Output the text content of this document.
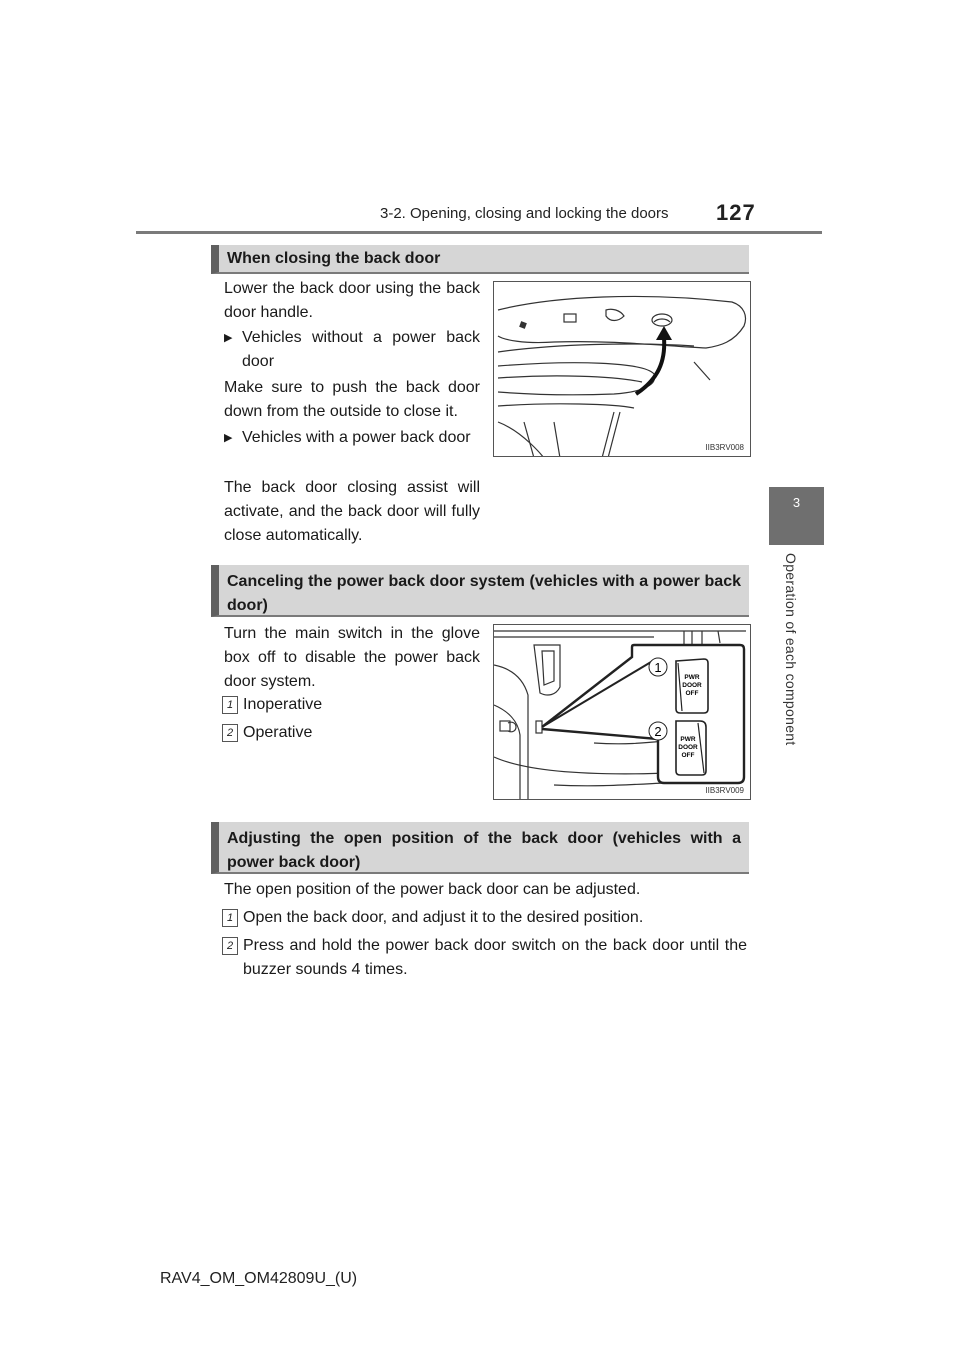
3-2. Opening, closing and locking the doors 127
3
Operation of each component
When closing the back door
Lower the back door using the back door handle.
▶ Vehicles without a power back door
Make sure to push the back door down from the outside to close it.
▶ Vehicles with a power back door
The back door closing assist will activate, and the back door will fully close automatically.
IIB3RV008
Canceling the power back door system (vehicles with a power back door)
Turn the main switch in the glove box off to disable the power back door system.
1 Inoperative
2 Operative
PWR
DOOR
OFF
PWR
DOOR
OFF
1
2
IIB3RV009
Adjusting the open position of the back door (vehicles with a power back door)
The open position of the power back door can be adjusted.
1 Open the back door, and adjust it to the desired position.
2 Press and hold the power back door switch on the back door until the buzzer sounds 4 times.
RAV4_OM_OM42809U_(U)
